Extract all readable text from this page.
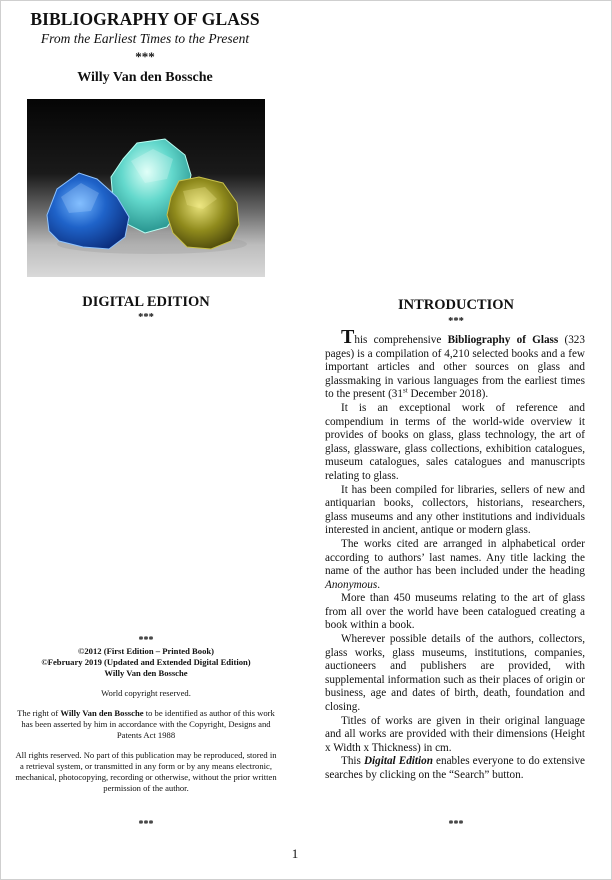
BIBLIOGRAPHY OF GLASS

From the Earliest Times to the Present

***

Willy Van den Bossche

DIGITAL EDITION
***

***

©2012 (First Edition – Printed Book)

©February 2019 (Updated and Extended Digital Edition)

Willy Van den Bossche

World copyright reserved.

The right of Willy Van den Bossche to be identified as author of this work has been asserted by him in accordance with the Copyright, Designs and Patents Act 1988

All rights reserved. No part of this publication may be reproduced, stored in a retrieval system, or transmitted in any form or by any means electronic, mechanical, photocopying, recording or otherwise, without the prior written permission of the author.

***
INTRODUCTION
***

This comprehensive Bibliography of Glass (323 pages) is a compilation of 4,210 selected books and a few important articles and other sources on glass and glassmaking in various languages from the earliest times to the present (31st December 2018).

It is an exceptional work of reference and compendium in terms of the world-wide overview it provides of books on glass, glass technology, the art of glass, glassware, glass collections, exhibition catalogues, museum catalogues, sales catalogues and manuscripts relating to glass.

It has been compiled for libraries, sellers of new and antiquarian books, collectors, historians, researchers, glass museums and any other institutions and individuals interested in ancient, antique or modern glass.

The works cited are arranged in alphabetical order according to authors’ last names. Any title lacking the name of the author has been included under the heading Anonymous.

More than 450 museums relating to the art of glass from all over the world have been catalogued creating a book within a book.

Wherever possible details of the authors, collectors, glass works, glass museums, institutions, companies, auctioneers and publishers are provided, with supplemental information such as their places of origin or business, age and dates of birth, death, foundation and closing.

Titles of works are given in their original language and all works are provided with their dimensions (Height x Width x Thickness) in cm.

This Digital Edition enables everyone to do extensive searches by clicking on the “Search” button.

***
1
